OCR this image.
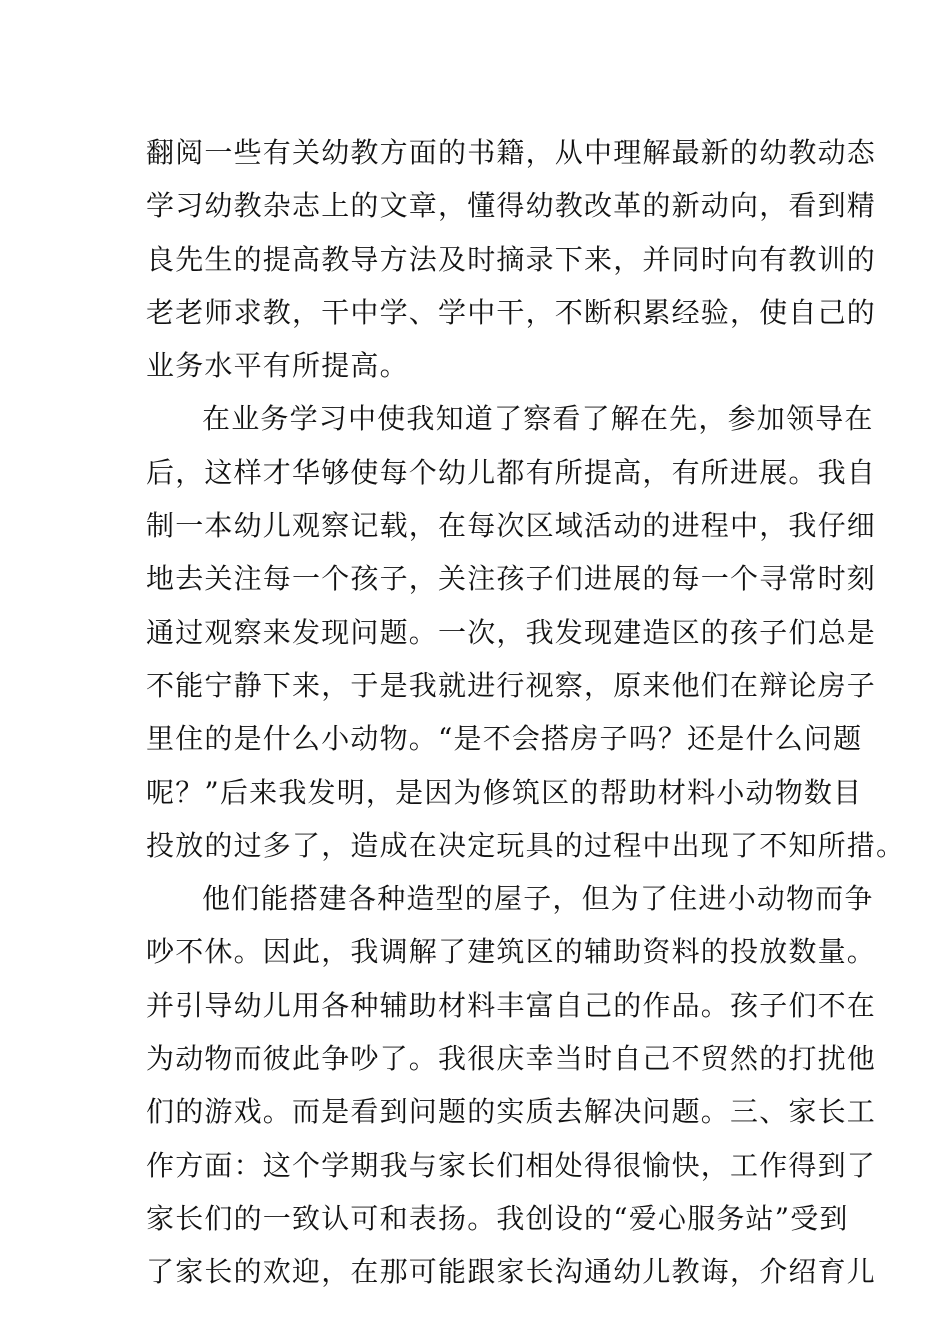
翻阅一些有关幼教方面的书籍，从中理解最新的幼教动态
学习幼教杂志上的文章，懂得幼教改革的新动向，看到精
良先生的提高教导方法及时摘录下来，并同时向有教训的
老老师求教，干中学、学中干，不断积累经验，使自己的
业务水平有所提高。
在业务学习中使我知道了察看了解在先，参加领导在
后，这样才华够使每个幼儿都有所提高，有所进展。我自
制一本幼儿观察记载，在每次区域活动的进程中，我仔细
地去关注每一个孩子，关注孩子们进展的每一个寻常时刻
通过观察来发现问题。一次，我发现建造区的孩子们总是
不能宁静下来，于是我就进行视察，原来他们在辩论房子
里住的是什么小动物。“是不会搭房子吗？还是什么问题
呢？”后来我发明，是因为修筑区的帮助材料小动物数目
投放的过多了，造成在决定玩具的过程中出现了不知所措。
他们能搭建各种造型的屋子，但为了住进小动物而争
吵不休。因此，我调解了建筑区的辅助资料的投放数量。
并引导幼儿用各种辅助材料丰富自己的作品。孩子们不在
为动物而彼此争吵了。我很庆幸当时自己不贸然的打扰他
们的游戏。而是看到问题的实质去解决问题。三、家长工
作方面：这个学期我与家长们相处得很愉快，工作得到了
家长们的一致认可和表扬。我创设的“爱心服务站”受到
了家长的欢迎，在那可能跟家长沟通幼儿教诲，介绍育儿
